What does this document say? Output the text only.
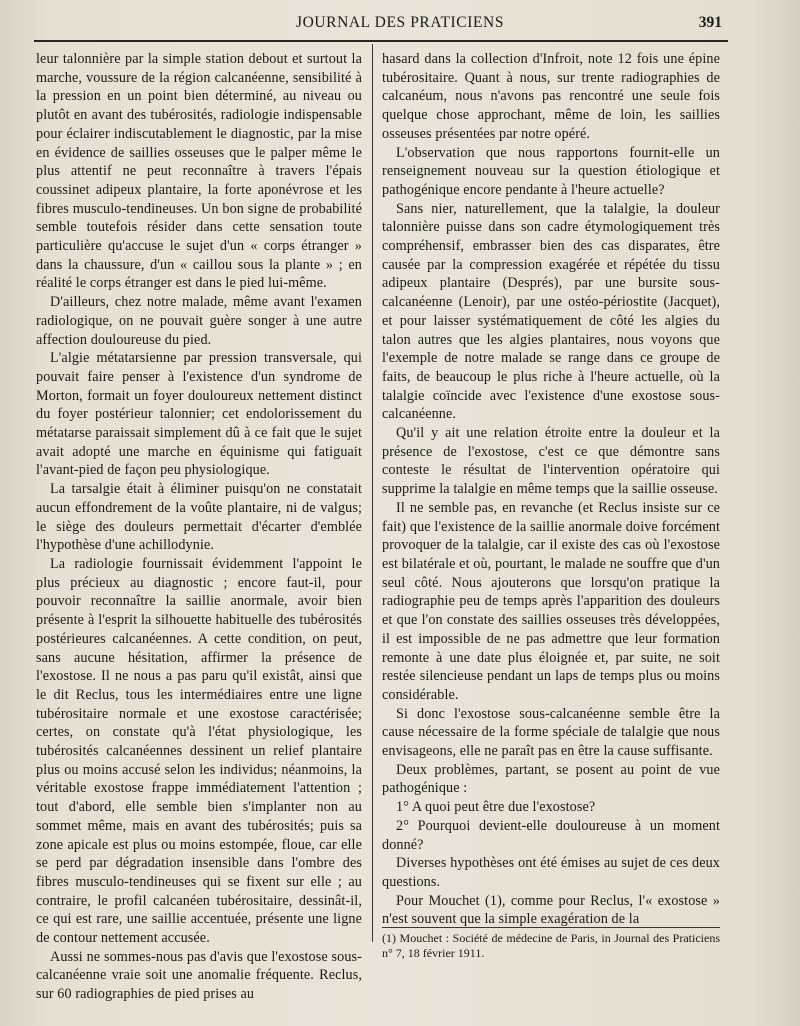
JOURNAL DES PRATICIENS	391

leur talonnière par la simple station debout et surtout la marche, voussure de la région calcanéenne, sensibilité à la pression en un point bien déterminé, au niveau ou plutôt en avant des tubérosités, radiologie indispensable pour éclairer indiscutablement le diagnostic, par la mise en évidence de saillies osseuses que le palper même le plus attentif ne peut reconnaître à travers l'épais coussinet adipeux plantaire, la forte aponévrose et les fibres musculo-tendineuses. Un bon signe de probabilité semble toutefois résider dans cette sensation toute particulière qu'accuse le sujet d'un « corps étranger » dans la chaussure, d'un « caillou sous la plante » ; en réalité le corps étranger est dans le pied lui-même.

D'ailleurs, chez notre malade, même avant l'examen radiologique, on ne pouvait guère songer à une autre affection douloureuse du pied.

L'algie métatarsienne par pression transversale, qui pouvait faire penser à l'existence d'un syndrome de Morton, formait un foyer douloureux nettement distinct du foyer postérieur talonnier; cet endolorissement du métatarse paraissait simplement dû à ce fait que le sujet avait adopté une marche en équinisme qui fatiguait l'avant-pied de façon peu physiologique.

La tarsalgie était à éliminer puisqu'on ne constatait aucun effondrement de la voûte plantaire, ni de valgus; le siège des douleurs permettait d'écarter d'emblée l'hypothèse d'une achillodynie.

La radiologie fournissait évidemment l'appoint le plus précieux au diagnostic ; encore faut-il, pour pouvoir reconnaître la saillie anormale, avoir bien présente à l'esprit la silhouette habituelle des tubérosités postérieures calcanéennes. A cette condition, on peut, sans aucune hésitation, affirmer la présence de l'exostose. Il ne nous a pas paru qu'il existât, ainsi que le dit Reclus, tous les intermédiaires entre une ligne tubérositaire normale et une exostose caractérisée; certes, on constate qu'à l'état physiologique, les tubérosités calcanéennes dessinent un relief plantaire plus ou moins accusé selon les individus; néanmoins, la véritable exostose frappe immédiatement l'attention ; tout d'abord, elle semble bien s'implanter non au sommet même, mais en avant des tubérosités; puis sa zone apicale est plus ou moins estompée, floue, car elle se perd par dégradation insensible dans l'ombre des fibres musculo-tendineuses qui se fixent sur elle ; au contraire, le profil calcanéen tubérositaire, dessinât-il, ce qui est rare, une saillie accentuée, présente une ligne de contour nettement accusée.

Aussi ne sommes-nous pas d'avis que l'exostose sous-calcanéenne vraie soit une anomalie fréquente. Reclus, sur 60 radiographies de pied prises au

hasard dans la collection d'Infroit, note 12 fois une épine tubérositaire. Quant à nous, sur trente radiographies de calcanéum, nous n'avons pas rencontré une seule fois quelque chose approchant, même de loin, les saillies osseuses présentées par notre opéré.

L'observation que nous rapportons fournit-elle un renseignement nouveau sur la question étiologique et pathogénique encore pendante à l'heure actuelle?

Sans nier, naturellement, que la talalgie, la douleur talonnière puisse dans son cadre étymologiquement très compréhensif, embrasser bien des cas disparates, être causée par la compression exagérée et répétée du tissu adipeux plantaire (Després), par une bursite sous-calcanéenne (Lenoir), par une ostéo-périostite (Jacquet), et pour laisser systématiquement de côté les algies du talon autres que les algies plantaires, nous voyons que l'exemple de notre malade se range dans ce groupe de faits, de beaucoup le plus riche à l'heure actuelle, où la talalgie coïncide avec l'existence d'une exostose sous-calcanéenne.

Qu'il y ait une relation étroite entre la douleur et la présence de l'exostose, c'est ce que démontre sans conteste le résultat de l'intervention opératoire qui supprime la talalgie en même temps que la saillie osseuse.

Il ne semble pas, en revanche (et Reclus insiste sur ce fait) que l'existence de la saillie anormale doive forcément provoquer de la talalgie, car il existe des cas où l'exostose est bilatérale et où, pourtant, le malade ne souffre que d'un seul côté. Nous ajouterons que lorsqu'on pratique la radiographie peu de temps après l'apparition des douleurs et que l'on constate des saillies osseuses très développées, il est impossible de ne pas admettre que leur formation remonte à une date plus éloignée et, par suite, ne soit restée silencieuse pendant un laps de temps plus ou moins considérable.

Si donc l'exostose sous-calcanéenne semble être la cause nécessaire de la forme spéciale de talalgie que nous envisageons, elle ne paraît pas en être la cause suffisante.

Deux problèmes, partant, se posent au point de vue pathogénique :

1° A quoi peut être due l'exostose?

2° Pourquoi devient-elle douloureuse à un moment donné?

Diverses hypothèses ont été émises au sujet de ces deux questions.

Pour Mouchet (1), comme pour Reclus, l'« exostose » n'est souvent que la simple exagération de la

(1) Mouchet : Société de médecine de Paris, in Journal des Praticiens n° 7, 18 février 1911.
